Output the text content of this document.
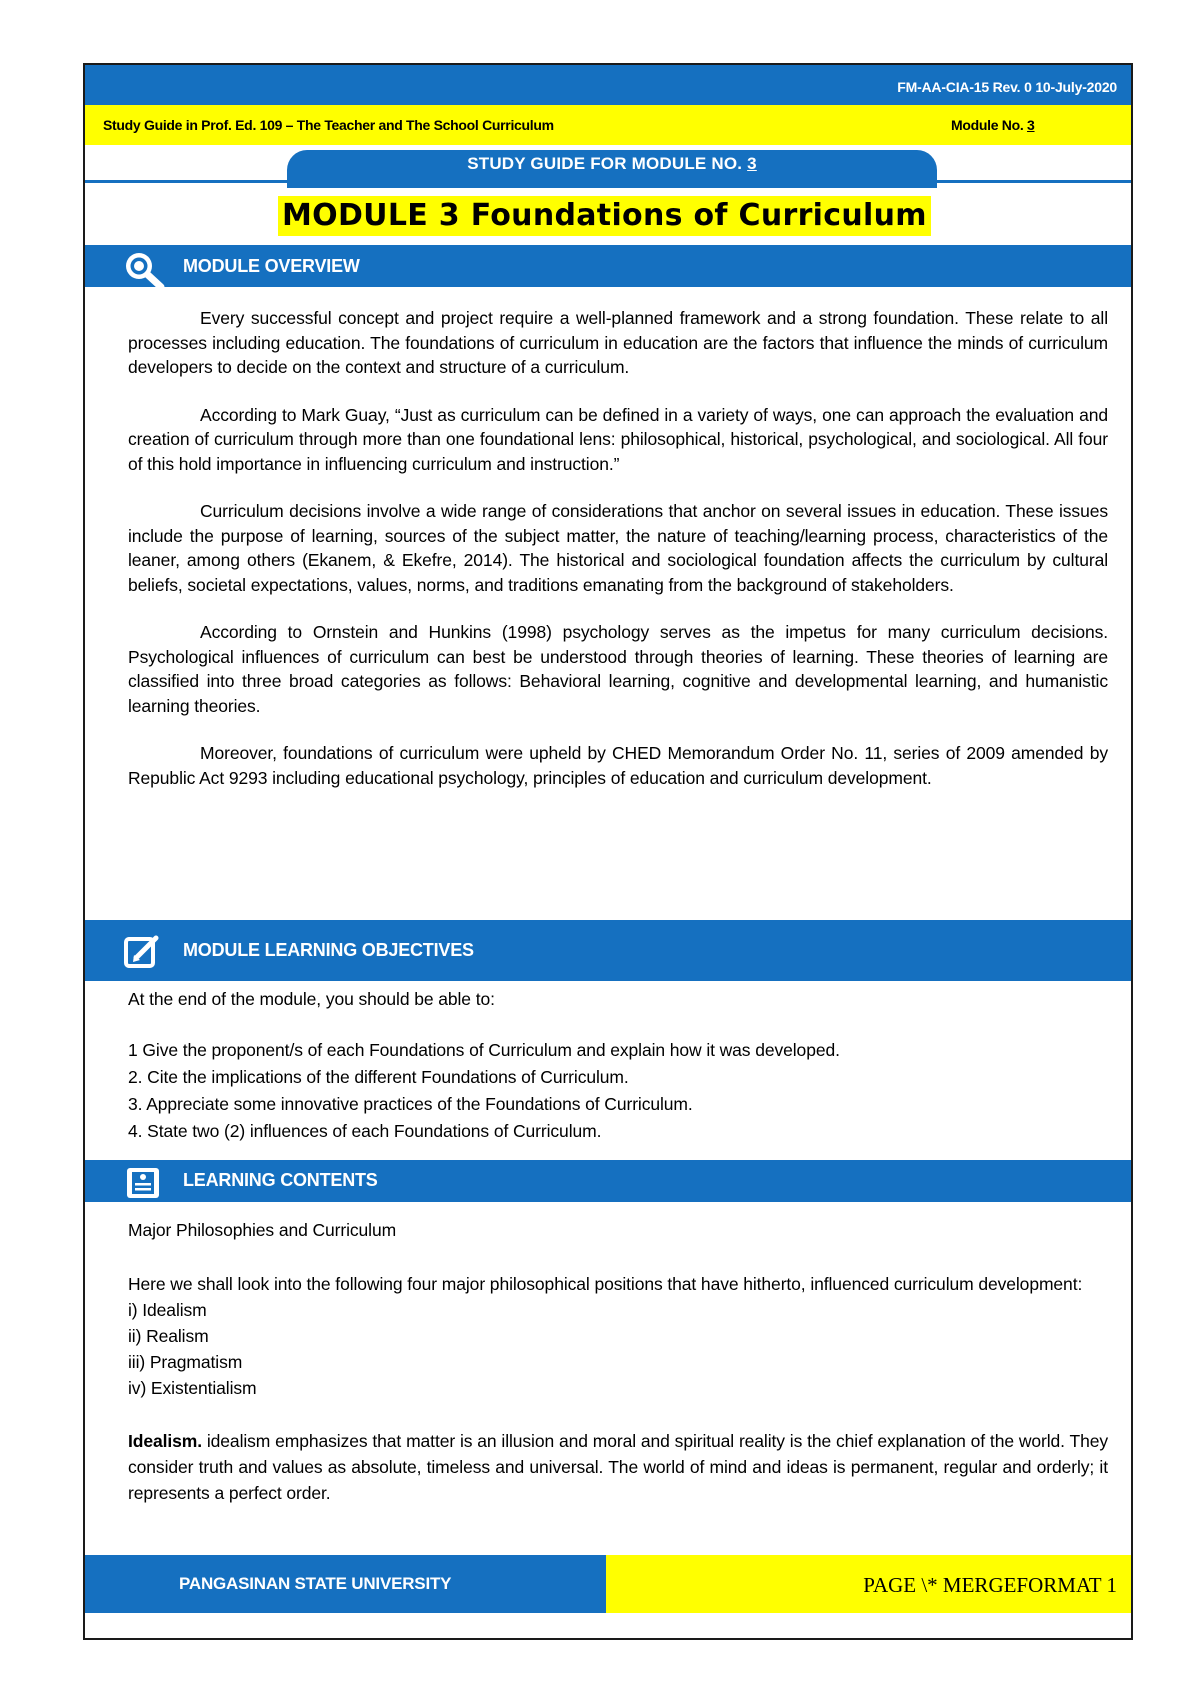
FM-AA-CIA-15 Rev. 0 10-July-2020
Study Guide in Prof. Ed. 109 – The Teacher and The School Curriculum	Module No. 3
STUDY GUIDE FOR MODULE NO. 3
MODULE 3 Foundations of Curriculum
MODULE OVERVIEW

Every successful concept and project require a well-planned framework and a strong foundation. These relate to all processes including education. The foundations of curriculum in education are the factors that influence the minds of curriculum developers to decide on the context and structure of a curriculum.

According to Mark Guay, “Just as curriculum can be defined in a variety of ways, one can approach the evaluation and creation of curriculum through more than one foundational lens: philosophical, historical, psychological, and sociological. All four of this hold importance in influencing curriculum and instruction.”

Curriculum decisions involve a wide range of considerations that anchor on several issues in education. These issues include the purpose of learning, sources of the subject matter, the nature of teaching/learning process, characteristics of the leaner, among others (Ekanem, & Ekefre, 2014). The historical and sociological foundation affects the curriculum by cultural beliefs, societal expectations, values, norms, and traditions emanating from the background of stakeholders.

According to Ornstein and Hunkins (1998) psychology serves as the impetus for many curriculum decisions. Psychological influences of curriculum can best be understood through theories of learning. These theories of learning are classified into three broad categories as follows: Behavioral learning, cognitive and developmental learning, and humanistic learning theories.

Moreover, foundations of curriculum were upheld by CHED Memorandum Order No. 11, series of 2009 amended by Republic Act 9293 including educational psychology, principles of education and curriculum development.

MODULE LEARNING OBJECTIVES
At the end of the module, you should be able to:
1 Give the proponent/s of each Foundations of Curriculum and explain how it was developed.
2. Cite the implications of the different Foundations of Curriculum.
3. Appreciate some innovative practices of the Foundations of Curriculum.
4. State two (2) influences of each Foundations of Curriculum.
LEARNING CONTENTS
Major Philosophies and Curriculum
Here we shall look into the following four major philosophical positions that have hitherto, influenced curriculum development:
i) Idealism
ii) Realism
iii) Pragmatism
iv) Existentialism
Idealism. idealism emphasizes that matter is an illusion and moral and spiritual reality is the chief explanation of the world. They consider truth and values as absolute, timeless and universal. The world of mind and ideas is permanent, regular and orderly; it represents a perfect order.
PANGASINAN STATE UNIVERSITY	PAGE \* MERGEFORMAT 1
